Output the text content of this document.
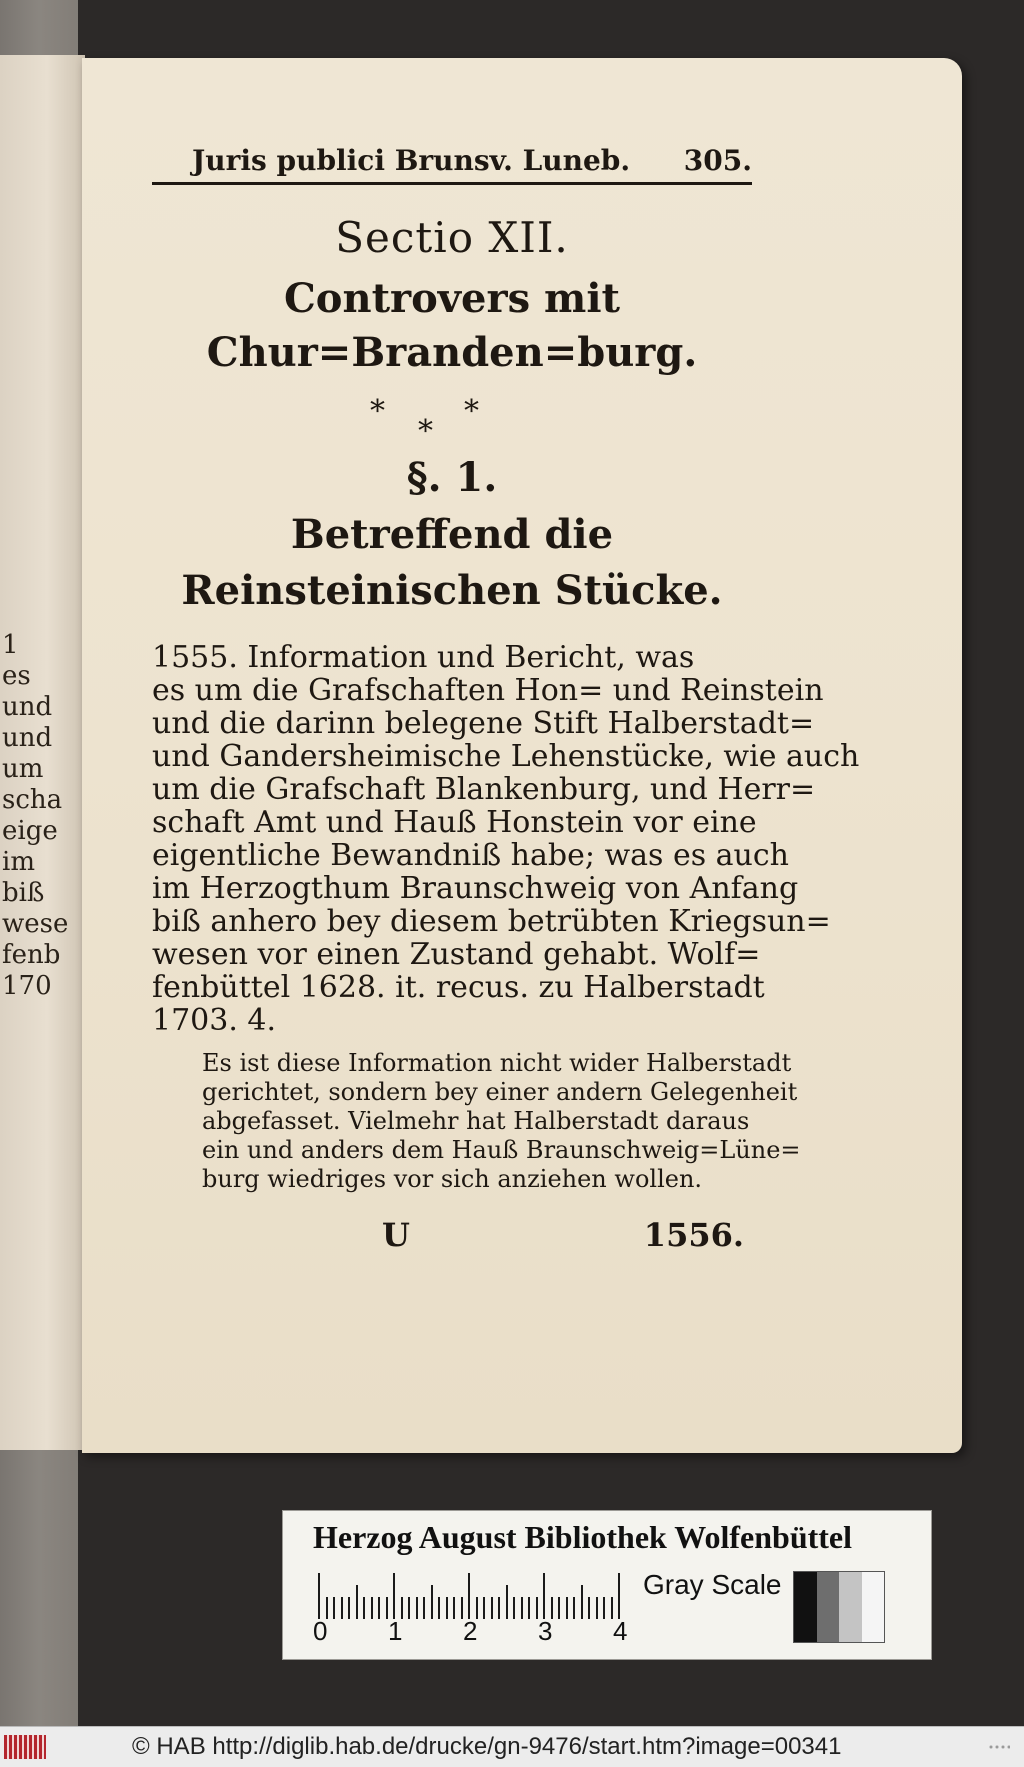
1
es
und
und
um
scha
eige
im
biß
wese
fenb
170
Juris publici Brunsv. Luneb. 305.
Sectio XII.
Controvers mit Chur=Branden=burg.
*
*
*
§. 1.
Betreffend die Reinsteinischen Stücke.
1555. Information und Bericht, was
es um die Grafschaften Hon= und Reinstein
und die darinn belegene Stift Halberstadt=
und Gandersheimische Lehenstücke, wie auch
um die Grafschaft Blankenburg, und Herr=
schaft Amt und Hauß Honstein vor eine
eigentliche Bewandniß habe; was es auch
im Herzogthum Braunschweig von Anfang
biß anhero bey diesem betrübten Kriegsun=
wesen vor einen Zustand gehabt. Wolf=
fenbüttel 1628. it. recus. zu Halberstadt
1703. 4.
Es ist diese Information nicht wider Halberstadt
gerichtet, sondern bey einer andern Gelegenheit
abgefasset. Vielmehr hat Halberstadt daraus
ein und anders dem Hauß Braunschweig=Lüne=
burg wiedriges vor sich anziehen wollen.
U	1556.
Herzog August Bibliothek Wolfenbüttel
0 1 2 3 4
Gray Scale
© HAB http://diglib.hab.de/drucke/gn-9476/start.htm?image=00341
